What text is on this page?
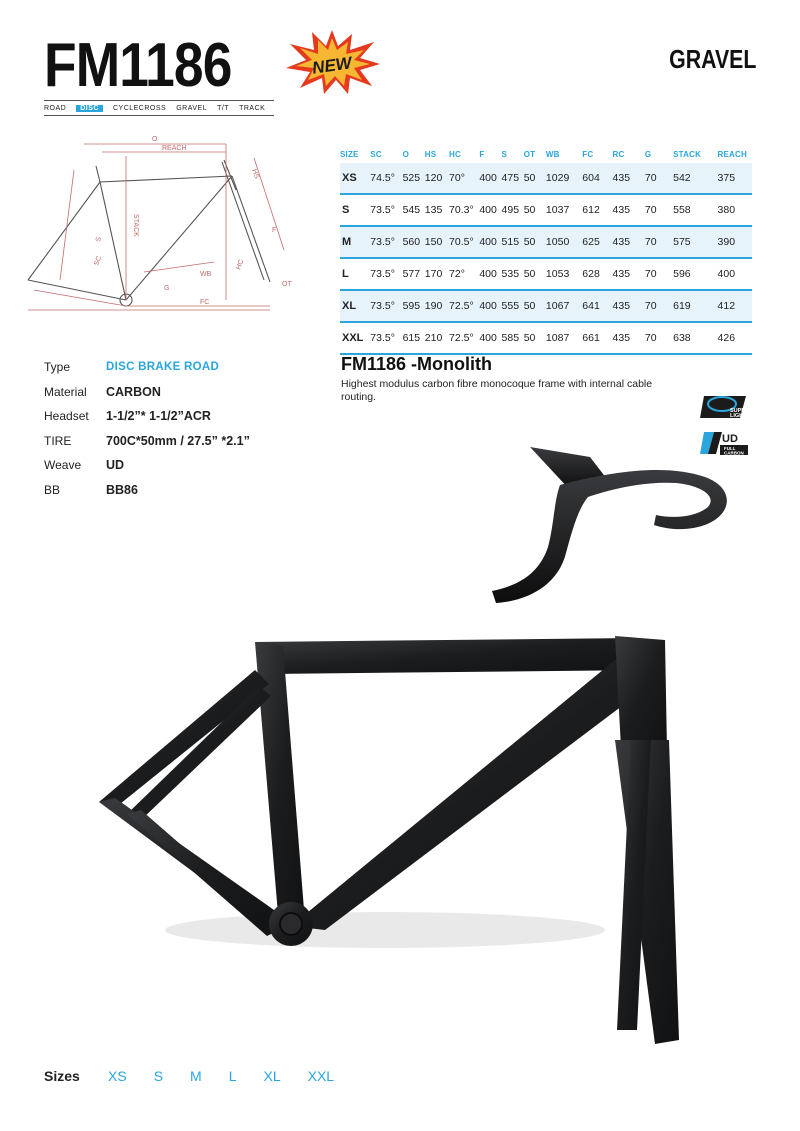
FM1186	NEW	GRAVEL
ROAD	DISC	CYCLECROSS GRAVEL T/T TRACK
O
REACH
HS
STACK	F
S
SC
WB
HC
G
OT
FC
SIZE	SC	O	HS	HC	F	S	OT	WB	FC	RC	G	STACK	REACH
XS	74.5°	525	120	70°	400	475	50	1029	604	435	70	542	375
S	73.5°	545	135	70.3°	400	495	50	1037	612	435	70	558	380
M	73.5°	560	150	70.5°	400	515	50	1050	625	435	70	575	390
L	73.5°	577	170	72°	400	535	50	1053	628	435	70	596	400
XL	73.5°	595	190	72.5°	400	555	50	1067	641	435	70	619	412
XXL	73.5°	615	210	72.5°	400	585	50	1087	661	435	70	638	426
Type	DISC BRAKE ROAD
Material	CARBON
Headset	1-1/2”* 1-1/2”ACR
TIRE	700C*50mm / 27.5” *2.1”
Weave	UD
BB	BB86
FM1186 -Monolith
Highest modulus carbon fibre monocoque frame with internal cable routing.
SUPER
LIGHT
UD
FULL
CARBON
Sizes	XS S M L XL XXL
